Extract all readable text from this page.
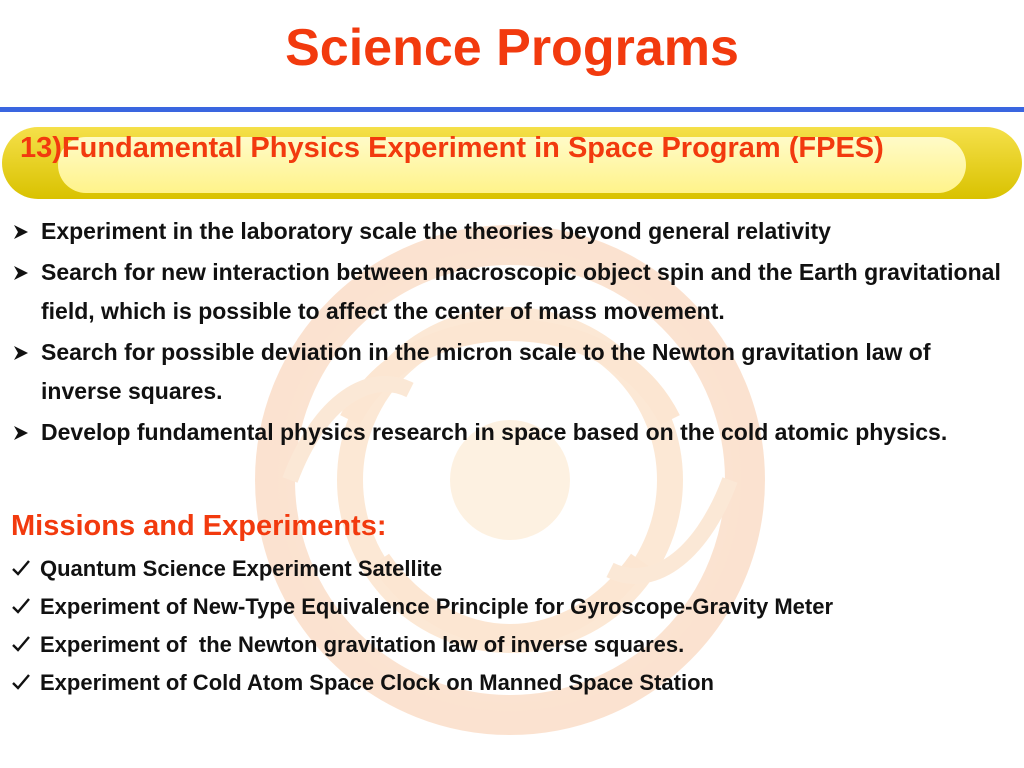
Science Programs
13)Fundamental Physics Experiment in Space Program (FPES)
Experiment in the laboratory scale the theories beyond general relativity
Search for new interaction between macroscopic object spin and the Earth gravitational field, which is possible to affect the center of mass movement.
Search for possible deviation in the micron scale to the Newton gravitation law of inverse squares.
Develop fundamental physics research in space based on the cold atomic physics.
Missions and Experiments:
Quantum Science Experiment Satellite
Experiment of New-Type Equivalence Principle for Gyroscope-Gravity Meter
Experiment of  the Newton gravitation law of inverse squares.
Experiment of Cold Atom Space Clock on Manned Space Station
